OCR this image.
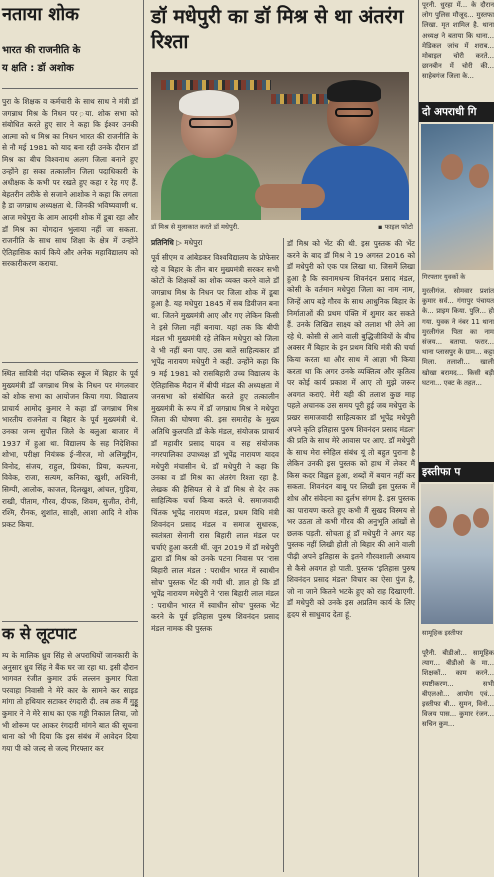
नताया शोक
भारत की राजनीति के
य क्षति : डॉ अशोक
पुरा के शिक्षक व कर्मचारी के साथ साथ ने मंत्री डॉ जगन्नाथ मिश्र के निधन पर ़या. शोक सभा को संबोधित करते हुए सार ने कहा कि ईश्वर उनकी आत्मा को थ मिश्र का निधन भारत की राजनीति के से नौ मई 1981 को याद बना रही उनके दौरान डॉ मिश्र का बीच विश्वनाथ अलग जिला बनाने हुए उन्होंने हा सका तत्कालीन जिला पदाधिकारी के अधीक्षक के कभी पर रखते हुए कहा र रेह गए हैं. बेहतरीन तरीके से सजाने आशोक ने कहा कि लगता है डा जगन्नाथ अध्यक्षता थे. जिनकी भविष्यवाणी थ. आज मधेपुरा के आम आदमी शोक में डूबा रहा और डॉ मिश्र का योगदान भुलाया नहीं जा सकता. राजनीति के साथ साथ शिक्षा के क्षेत्र में उन्होंने ऐतिहासिक कार्य किये और अनेक महाविद्यालय को सरकारीकरण कराया.
स्थित सावित्री नंदा पब्लिक स्कूल में बिहार के पूर्व मुख्यमंत्री डॉ जगन्नाथ मिश्र के निधन पर मंगलवार को शोक सभा का आयोजन किया गया. विद्यालय प्राचार्य आमोद कुमार ने कहा डॉ जगन्नाथ मिश्र भारतीय राजनेता व बिहार के पूर्व मुख्यमंत्री थे. उनका जन्म सुपौल जिले के बलुआ बाजार में 1937 में हुआ था. विद्यालय के सह निदेशिका शोभा, परीक्षा नियंत्रक ई-नीरज, मो अलिमुद्दीन, विनोद, संजय, राहुल, प्रियंका, प्रिया, कल्पना, विवेक, राजा, सत्यम, कनिका, खुशी, अश्विनी, सिम्पी, आलोक, काजल, दिलखुश, आंचल, गुड़िया, राखी, पीताम, गौरव, दीपक, शिवम, सुजीत, रोनी, रश्मि, रौनक, शुशांत, साक्षी, आशा आदि ने शोक प्रकट किया.
क से लूटपाट
म्प के मालिक ध्रुव सिंह से अपराधियों जानकारी के अनुसार ध्रुव सिंह ने बैंक घर जा रहा था. इसी दौरान भागवत रंजीत कुमार उर्फ लल्लन कुमार पिता परवाहा निवासी ने मेरे कार के सामने कर साइड मांगा तो हथियार सटाकर रंगदारी दी. तब तक मैं गुड्डू कुमार ने ने मेरे साथ का एक गड्डी निकाल लिया, जो भी शोरूम पर आकर रंगदारी मांगने बात की सूचना थाना को भी दिया कि इस संबंध में आवेदन दिया गया पी को जल्द से जल्द गिरफ्तार कर
डॉ मधेपुरी का डॉ मिश्र से था अंतरंग रिश्ता
डॉ मिश्र से मुलाकात करते डॉ मधेपुरी.	▪ फाइल फोटो
प्रतिनिधि ▷ मधेपुरा
पूर्व सीएम व आंबेडकर विश्वविद्यालय के प्रोफेसर रहे व बिहार के तीन बार मुख्यमंत्री सरकर सभी कोटों के शिक्षकों का शोक व्यक्त करने वाले डॉ जगन्नाथ मिश्र के निधन पर जिला शोक में डूबा हुआ है. यह मधेपुरा 1845 में सब डिवीजन बना था. जितने मुख्यमंत्री आए और गए लेकिन किसी ने इसे जिला नहीं बनाया. यहां तक कि बीपी मंडल भी मुख्यमंत्री रहे लेकिन मधेपुरा को जिला वे भी नहीं बना पाए. उस बातें साहित्यकार डॉ भूपेंद्र नारायण मधेपुरी ने कही. उन्होंने कहा कि 9 मई 1981 को रासबिहारी उच्च विद्यालय के ऐतिहासिक मैदान में बीपी मंडल की अध्यक्षता में जनसभा को संबोधित करते हुए तत्कालीन मुख्यमंत्री के रूप में डॉ जगन्नाथ मिश्र ने मधेपुरा जिला की घोषणा की. इस समारोह के मुख्य अतिथि कुलपति डॉ केके मंडल, संयोजक प्राचार्य डॉ महावीर प्रसाद यादव व सह संयोजक नगरपालिका उपाध्यक्ष डॉ भूपेंद्र नारायण यादव मधेपुरी मंचासीन थे. डॉ मधेपुरी ने कहा कि उनका व डॉ मिश्र का अंतरंग रिश्ता रहा है. लेखक की हैसियत से वे डॉ मिश्र से देर तक साहित्यिक चर्चा किया करते थे. समाजवादी चिंतक भूपेंद्र नारायण मंडल, प्रथम विधि मंत्री शिवनंदन प्रसाद मंडल व समाज सुधारक, स्वतंत्रता सेनानी रास बिहारी लाल मंडल पर चर्चाएं हुआ करती थीं. जून 2019 में डॉ मधेपुरी द्वारा डॉ मिश्र को उनके पटना निवास पर 'रास बिहारी लाल मंडल : पराधीन भारत में स्वाधीन सोच' पुस्तक भेंट की गयी थी. ज्ञात हो कि डॉ भूपेंद्र नारायण मधेपुरी ने 'रास बिहारी लाल मंडल : पराधीन भारत में स्वाधीन सोच' पुस्तक भेंट करने के पूर्व इतिहास पुरुष शिवनंदन प्रसाद मंडल नामक की पुस्तक
डॉ मिश्र को भेंट की थी. इस पुस्तक की भेंट करने के बाद डॉ मिश्र ने 19 अगस्त 2016 को डॉ मधेपुरी को एक पत्र लिखा था. जिसमें लिखा हुआ है कि स्वनामधन्य शिवनंदन प्रसाद मंडल, कोसी के वर्तमान मधेपुरा जिला का नाम नाम, जिन्हें आप बड़े गौरव के साथ आधुनिक बिहार के निर्माताओं की प्रथम पंक्ति में शुमार कर सकते हैं. उनके लिखित साक्ष्य को तलाश भी लेने आ रहे थे. कोसी से आने वाली बुद्धिजीवियों के बीच अक्सर मैं बिहार के इन प्रथम विधि मंत्री की चर्चा किया करता था और साथ में आज्ञा भी किया करता था कि अगर उनके व्यक्तित्व और कृतित्व पर कोई कार्य प्रकाश में आए तो मुझे जरूर अवगत कराएं. मेरी यही की तलाश कुछ माह पहले अचानक उस समय पूरी हुई जब मधेपुरा के प्रखर समाजवादी साहित्यकार डॉ भूपेंद्र मधेपुरी अपने कृति इतिहास पुरुष शिवनंदन प्रसाद मंडल' की प्रति के साथ मेरे आवास पर आए. डॉ मधेपुरी के साथ मेरा स्नेहिल संबंध यूं तो बहुत पुराना है लेकिन उनकी इस पुस्तक को हाथ में लेकर मैं किस कदर विह्वल हुआ, शब्दों में बयान नहीं कर सकता. शिवनंदन बाबू पर लिखी इस पुस्तक में शोध और संवेदना का दुर्लभ संगम है. इस पुस्तक का पारायण करते हुए कभी मैं सुखद विस्मय से भर उठता तो कभी गौरव की अनुभूति आंखों से छलक पड़ती. सोचता हूं डॉ मधेपुरी ने अगर यह पुस्तक नहीं लिखी होती तो बिहार की आने वाली पीढ़ी अपने इतिहास के इतने गौरवशाली अध्याय से कैसे अवगत हो पाती. पुस्तक 'इतिहास पुरुष शिवनंदन प्रसाद मंडल' विचार का ऐसा पुंज है, जो ना जाने कितने भटके हुए को राह दिखाएगी. डॉ मधेपुरी को उनके इस अप्रतिम कार्य के लिए हृदय से साधुवाद देता हूं.
पूरनी. धुरहा में... के दौरान लोग पुलिस मौजूद... मुस्तफा लिखा. मृत शामिल है. थाना अध्यक्ष ने बताया कि थाना... मेडिकल जांच में शराब... मोबाइल चोरी करते... छानबीन में चोरी की... साहेबगंज जिला के...
दो अपराधी गि
गिरफ्तार युवकों के
मुरलीगंज. सोमवार प्रशांत कुमार सर्व... गंगापुर पंचायत के... प्राइम किया. पुलि... हो गया. युवक ने नंबर 11 थाना मुरलीगंज पिता का नाम संजय... बताया. फरार... थाना प्लासपुर के ग्राम... कट्टा मिला. तलाशी... खाली खोखा बरामद... किसी बड़ी घटना... एक्ट के तहत...
इस्तीफा प
सामूहिक इस्तीफा
पूरैनी. बीडीओ... सामूहिक त्याग... बीडीओ के मा... शिक्षकों... काम करने... स्पष्टीकरण... सभी बीएलओ... आयोग एवं... इस्तीफा बी... सुमन, विनो... विजय पास... कुमार रंजन... सचिन कुम...
